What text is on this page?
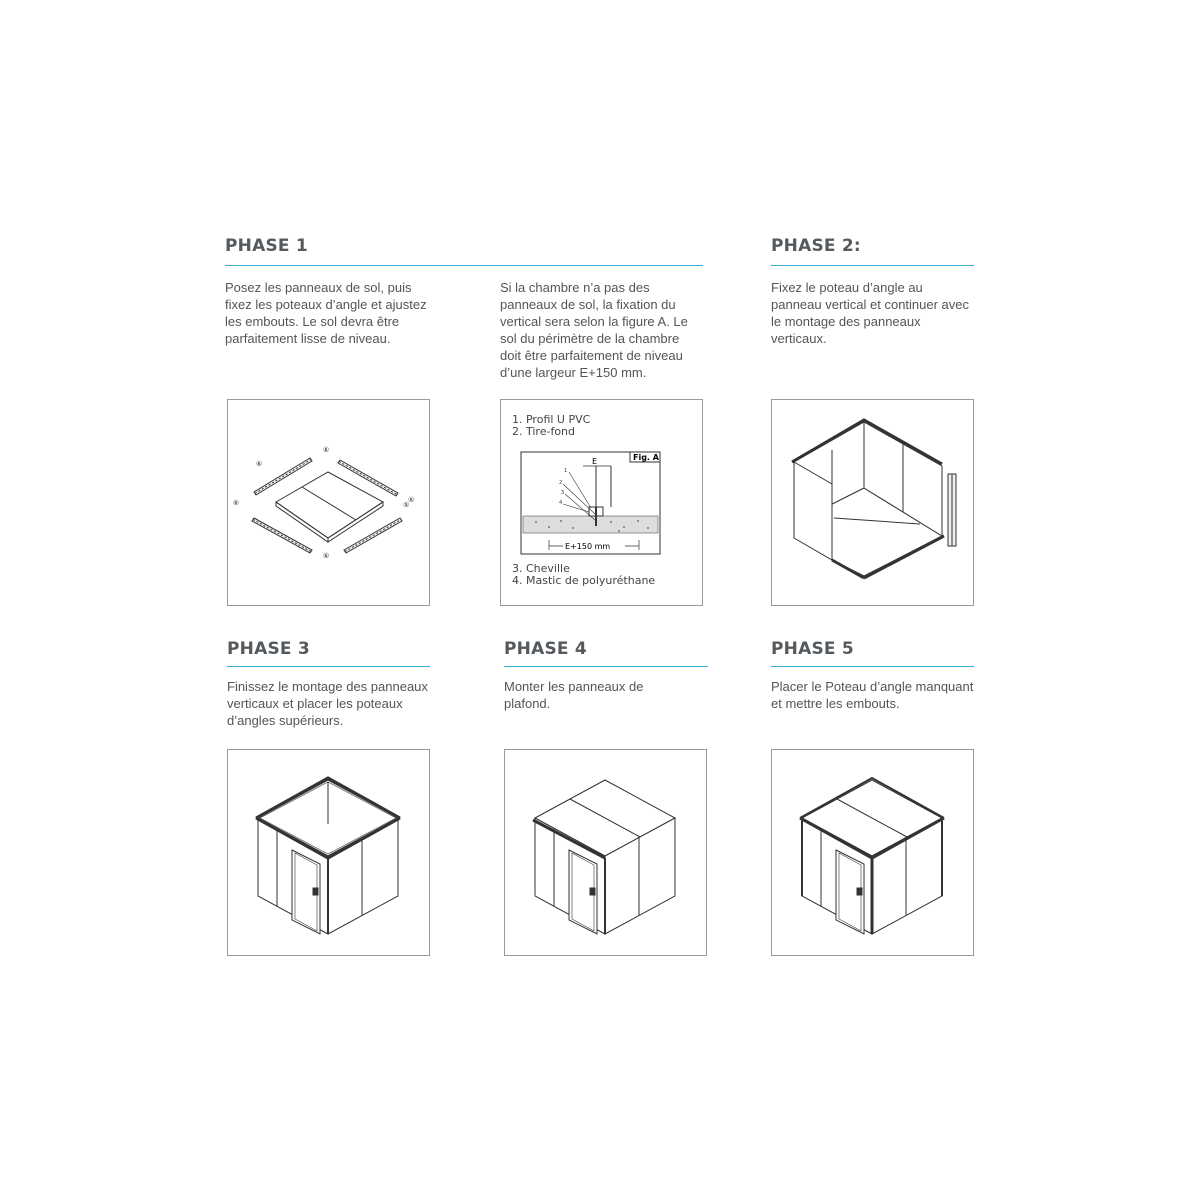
PHASE 1

Posez les panneaux de sol, puis fixez les poteaux d’angle et ajustez les embouts. Le sol devra être parfaitement lisse de niveau.

Si la chambre n’a pas des panneaux de sol, la fixation du vertical sera selon la figure A. Le sol du périmètre de la chambre doit être parfaitement de niveau d’une largeur E+150 mm.

PHASE 2:

Fixez le poteau d’angle au panneau vertical et continuer avec le montage des panneaux verticaux.

⑥
⑤
⑥	⑤
⑥
⑥
1. Profil U PVC
2. Tire-fond
Fig. A
E
1
2
3
4
E+150 mm
3. Cheville
4. Mastic de polyuréthane
PHASE 3

Finissez le montage des panneaux verticaux et placer les poteaux d’angles supérieurs.

PHASE 4

Monter les panneaux de plafond.

PHASE 5

Placer le Poteau d’angle manquant et mettre les embouts.
